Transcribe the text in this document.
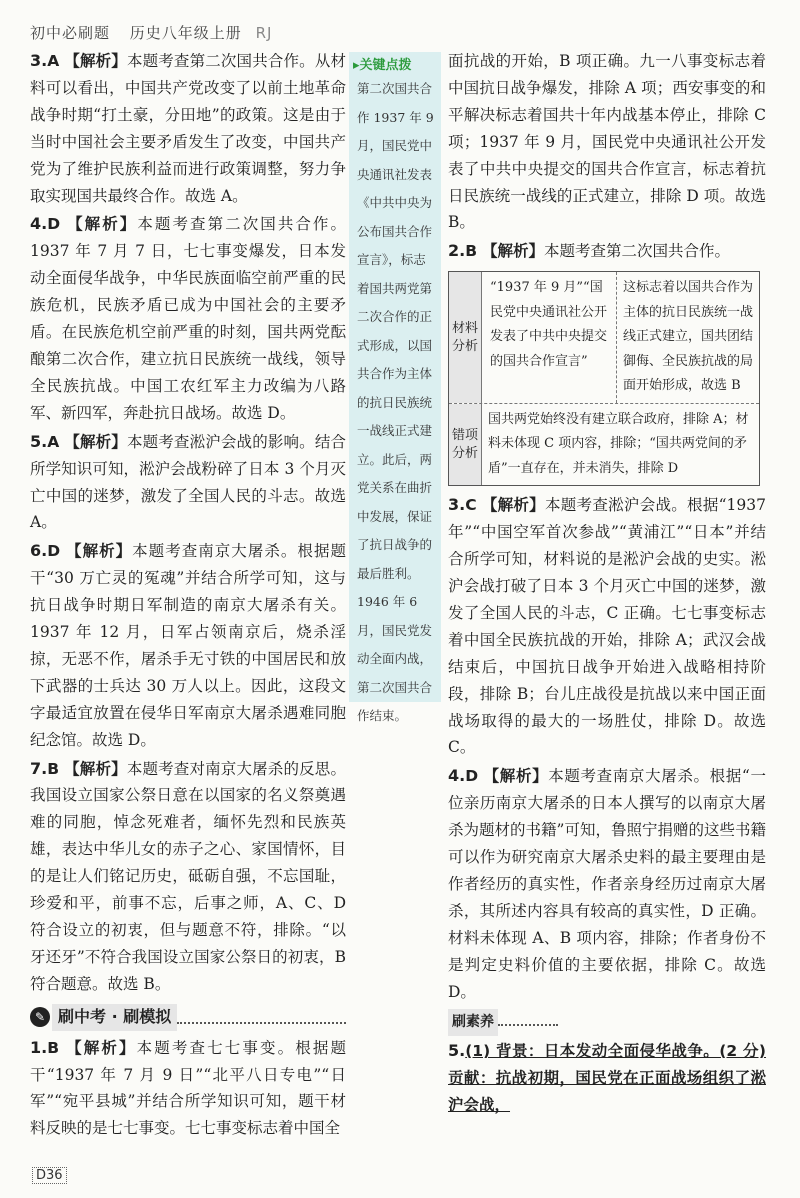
初中必刷题 历史八年级上册 RJ

3.A 【解析】本题考查第二次国共合作。从材料可以看出，中国共产党改变了以前土地革命战争时期“打土豪，分田地”的政策。这是由于当时中国社会主要矛盾发生了改变，中国共产党为了维护民族利益而进行政策调整，努力争取实现国共最终合作。故选 A。

4.D 【解析】本题考查第二次国共合作。1937 年 7 月 7 日，七七事变爆发，日本发动全面侵华战争，中华民族面临空前严重的民族危机，民族矛盾已成为中国社会的主要矛盾。在民族危机空前严重的时刻，国共两党酝酿第二次合作，建立抗日民族统一战线，领导全民族抗战。中国工农红军主力改编为八路军、新四军，奔赴抗日战场。故选 D。

5.A 【解析】本题考查淞沪会战的影响。结合所学知识可知，淞沪会战粉碎了日本 3 个月灭亡中国的迷梦，激发了全国人民的斗志。故选 A。

6.D 【解析】本题考查南京大屠杀。根据题干“30 万亡灵的冤魂”并结合所学可知，这与抗日战争时期日军制造的南京大屠杀有关。1937 年 12 月，日军占领南京后，烧杀淫掠，无恶不作，屠杀手无寸铁的中国居民和放下武器的士兵达 30 万人以上。因此，这段文字最适宜放置在侵华日军南京大屠杀遇难同胞纪念馆。故选 D。

7.B 【解析】本题考查对南京大屠杀的反思。我国设立国家公祭日意在以国家的名义祭奠遇难的同胞，悼念死难者，缅怀先烈和民族英雄，表达中华儿女的赤子之心、家国情怀，目的是让人们铭记历史，砥砺自强，不忘国耻，珍爱和平，前事不忘，后事之师，A、C、D 符合设立的初衷，但与题意不符，排除。“以牙还牙”不符合我国设立国家公祭日的初衷，B 符合题意。故选 B。

✎ 刷中考 · 刷模拟

1.B 【解析】本题考查七七事变。根据题干“1937 年 7 月 9 日”“北平八日专电”“日军”“宛平县城”并结合所学知识可知，题干材料反映的是七七事变。七七事变标志着中国全

▸关键点拨
第二次国共合作 1937 年 9 月，国民党中央通讯社发表《中共中央为公布国共合作宣言》，标志着国共两党第二次合作的正式形成，以国共合作为主体的抗日民族统一战线正式建立。此后，两党关系在曲折中发展，保证了抗日战争的最后胜利。1946 年 6 月，国民党发动全面内战，第二次国共合作结束。

面抗战的开始，B 项正确。九一八事变标志着中国抗日战争爆发，排除 A 项；西安事变的和平解决标志着国共十年内战基本停止，排除 C 项；1937 年 9 月，国民党中央通讯社公开发表了中共中央提交的国共合作宣言，标志着抗日民族统一战线的正式建立，排除 D 项。故选 B。

2.B 【解析】本题考查第二次国共合作。

材料分析
“1937 年 9 月”“国民党中央通讯社公开发表了中共中央提交的国共合作宣言”
这标志着以国共合作为主体的抗日民族统一战线正式建立，国共团结御侮、全民族抗战的局面开始形成，故选 B
错项分析
国共两党始终没有建立联合政府，排除 A；材料未体现 C 项内容，排除；“国共两党间的矛盾”一直存在，并未消失，排除 D

3.C 【解析】本题考查淞沪会战。根据“1937 年”“中国空军首次参战”“黄浦江”“日本”并结合所学可知，材料说的是淞沪会战的史实。淞沪会战打破了日本 3 个月灭亡中国的迷梦，激发了全国人民的斗志，C 正确。七七事变标志着中国全民族抗战的开始，排除 A；武汉会战结束后，中国抗日战争开始进入战略相持阶段，排除 B；台儿庄战役是抗战以来中国正面战场取得的最大的一场胜仗，排除 D。故选 C。

4.D 【解析】本题考查南京大屠杀。根据“一位亲历南京大屠杀的日本人撰写的以南京大屠杀为题材的书籍”可知，鲁照宁捐赠的这些书籍可以作为研究南京大屠杀史料的最主要理由是作者经历的真实性，作者亲身经历过南京大屠杀，其所述内容具有较高的真实性，D 正确。材料未体现 A、B 项内容，排除；作者身份不是判定史料价值的主要依据，排除 C。故选 D。

刷素养

5.(1) 背景：日本发动全面侵华战争。(2 分) 贡献：抗战初期，国民党在正面战场组织了淞沪会战，

D36
